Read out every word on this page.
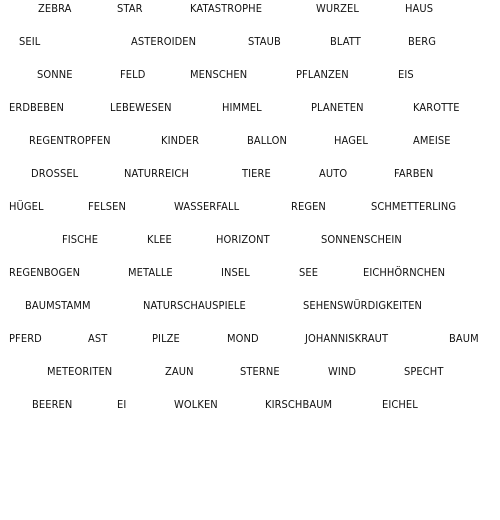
ZEBRA	STAR	KATASTROPHE	WURZEL	HAUS
SEIL	ASTEROIDEN	STAUB	BLATT	BERG
SONNE	FELD	MENSCHEN	PFLANZEN	EIS
ERDBEBEN	LEBEWESEN	HIMMEL	PLANETEN	KAROTTE
REGENTROPFEN	KINDER	BALLON	HAGEL	AMEISE
DROSSEL	NATURREICH	TIERE	AUTO	FARBEN
HÜGEL	FELSEN	WASSERFALL	REGEN	SCHMETTERLING
FISCHE	KLEE	HORIZONT	SONNENSCHEIN
REGENBOGEN	METALLE	INSEL	SEE	EICHHÖRNCHEN
BAUMSTAMM	NATURSCHAUSPIELE	SEHENSWÜRDIGKEITEN
PFERD	AST	PILZE	MOND	JOHANNISKRAUT	BAUM
METEORITEN	ZAUN	STERNE	WIND	SPECHT
BEEREN	EI	WOLKEN	KIRSCHBAUM	EICHEL
